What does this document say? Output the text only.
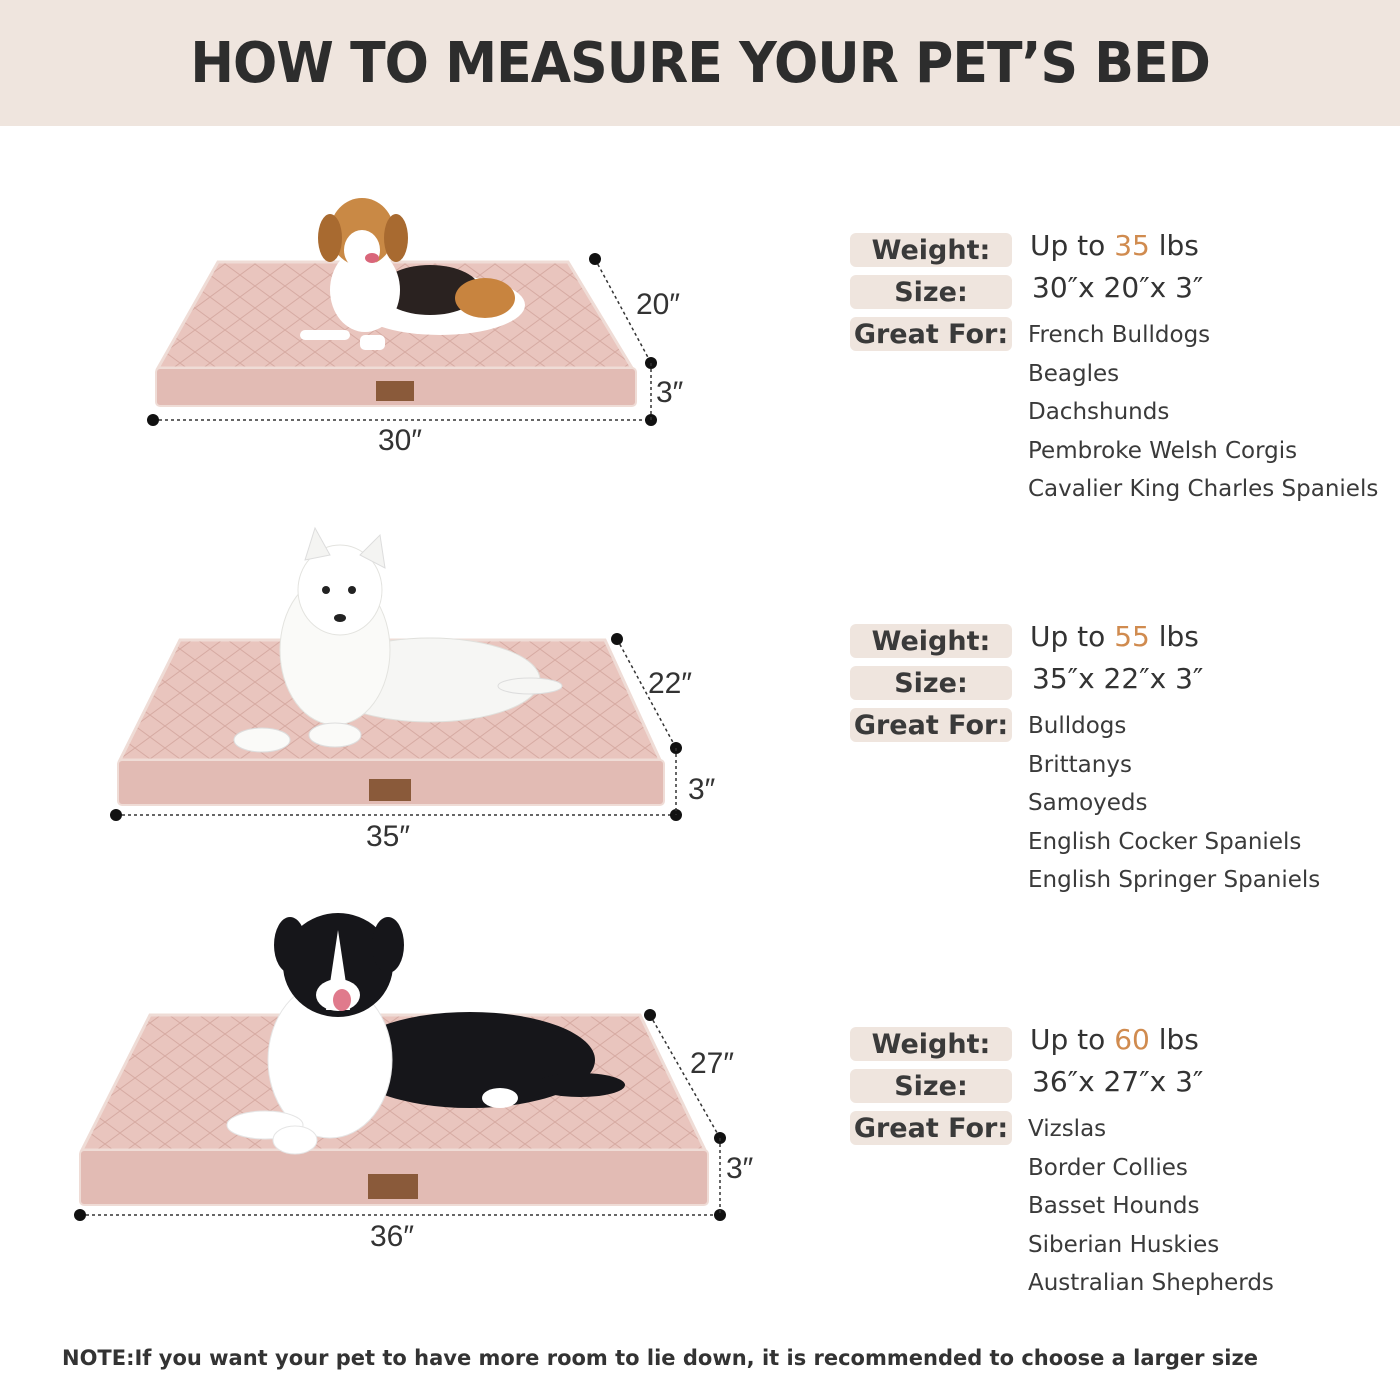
HOW TO MEASURE YOUR PET’S BED
30″
20″
3″
35″
22″
3″
36″
27″
3″
Weight:	Up to 35 lbs
Size:	30″x 20″x 3″
Great For: French Bulldogs
Beagles
Dachshunds
Pembroke Welsh Corgis
Cavalier King Charles Spaniels
Weight:	Up to 55 lbs
Size:	35″x 22″x 3″
Great For: Bulldogs
Brittanys
Samoyeds
English Cocker Spaniels
English Springer Spaniels
Weight:	Up to 60 lbs
Size:	36″x 27″x 3″
Great For: Vizslas
Border Collies
Basset Hounds
Siberian Huskies
Australian Shepherds
NOTE:If you want your pet to have more room to lie down, it is recommended to choose a larger size
